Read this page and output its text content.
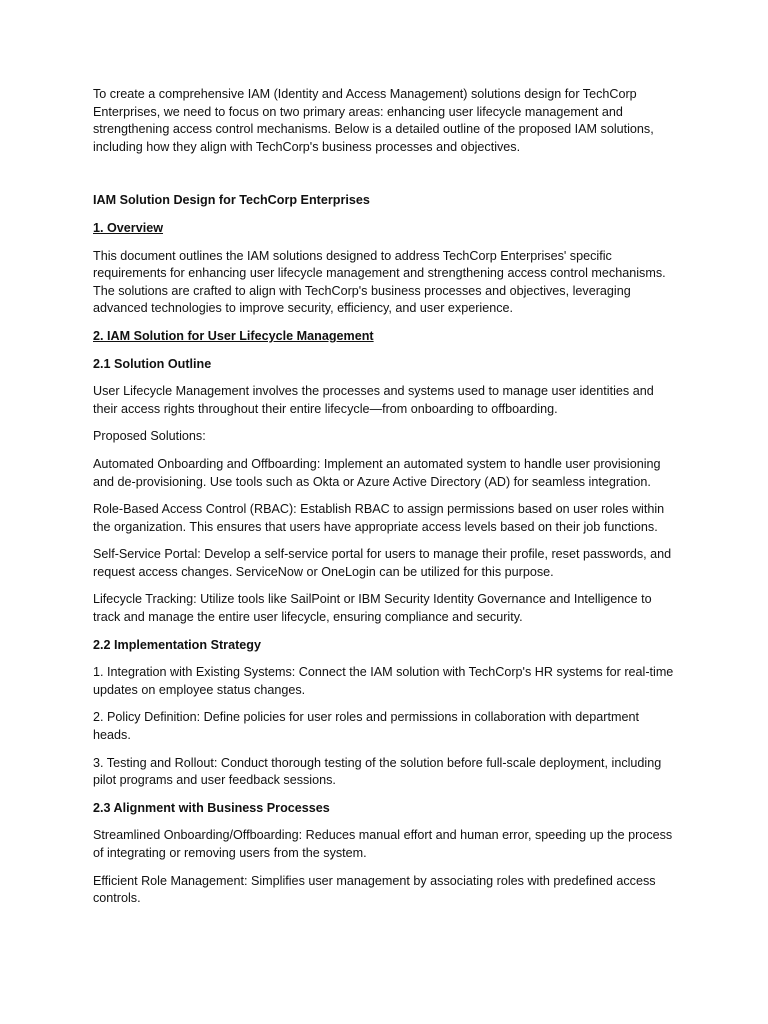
To create a comprehensive IAM (Identity and Access Management) solutions design for TechCorp Enterprises, we need to focus on two primary areas: enhancing user lifecycle management and strengthening access control mechanisms. Below is a detailed outline of the proposed IAM solutions, including how they align with TechCorp's business processes and objectives.

IAM Solution Design for TechCorp Enterprises

1. Overview

This document outlines the IAM solutions designed to address TechCorp Enterprises' specific requirements for enhancing user lifecycle management and strengthening access control mechanisms. The solutions are crafted to align with TechCorp's business processes and objectives, leveraging advanced technologies to improve security, efficiency, and user experience.

2. IAM Solution for User Lifecycle Management

2.1 Solution Outline

User Lifecycle Management involves the processes and systems used to manage user identities and their access rights throughout their entire lifecycle—from onboarding to offboarding.

Proposed Solutions:

Automated Onboarding and Offboarding: Implement an automated system to handle user provisioning and de-provisioning. Use tools such as Okta or Azure Active Directory (AD) for seamless integration.

Role-Based Access Control (RBAC): Establish RBAC to assign permissions based on user roles within the organization. This ensures that users have appropriate access levels based on their job functions.

Self-Service Portal: Develop a self-service portal for users to manage their profile, reset passwords, and request access changes. ServiceNow or OneLogin can be utilized for this purpose.

Lifecycle Tracking: Utilize tools like SailPoint or IBM Security Identity Governance and Intelligence to track and manage the entire user lifecycle, ensuring compliance and security.

2.2 Implementation Strategy

1. Integration with Existing Systems: Connect the IAM solution with TechCorp's HR systems for real-time updates on employee status changes.

2. Policy Definition: Define policies for user roles and permissions in collaboration with department heads.

3. Testing and Rollout: Conduct thorough testing of the solution before full-scale deployment, including pilot programs and user feedback sessions.

2.3 Alignment with Business Processes

Streamlined Onboarding/Offboarding: Reduces manual effort and human error, speeding up the process of integrating or removing users from the system.

Efficient Role Management: Simplifies user management by associating roles with predefined access controls.
